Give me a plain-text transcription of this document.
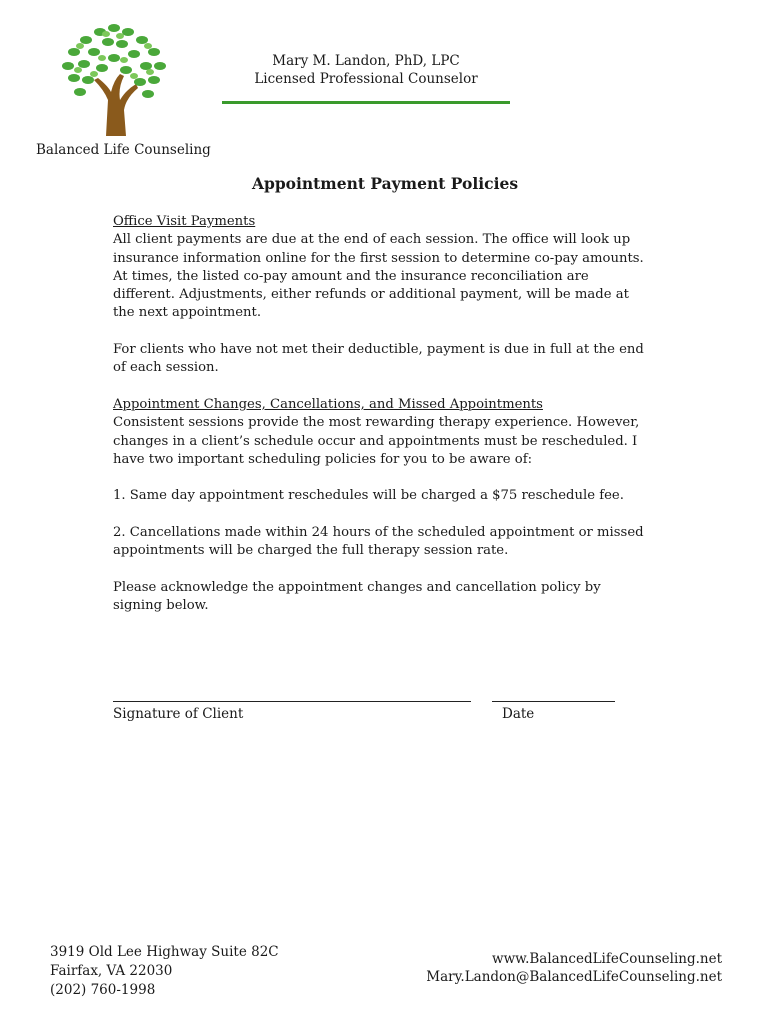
Balanced Life Counseling
Mary M. Landon, PhD, LPC
Licensed Professional Counselor
Appointment Payment Policies

Office Visit Payments

All client payments are due at the end of each session. The office will look up insurance information online for the first session to determine co-pay amounts. At times, the listed co-pay amount and the insurance reconciliation are different. Adjustments, either refunds or additional payment, will be made at the next appointment.

For clients who have not met their deductible, payment is due in full at the end of each session.

Appointment Changes, Cancellations, and Missed Appointments

Consistent sessions provide the most rewarding therapy experience. However, changes in a client’s schedule occur and appointments must be rescheduled. I have two important scheduling policies for you to be aware of:

1. Same day appointment reschedules will be charged a $75 reschedule fee.

2. Cancellations made within 24 hours of the scheduled appointment or missed appointments will be charged the full therapy session rate.

Please acknowledge the appointment changes and cancellation policy by signing below.

Signature of Client	Date
3919 Old Lee Highway Suite 82C
Fairfax, VA 22030
(202) 760-1998
www.BalancedLifeCounseling.net
Mary.Landon@BalancedLifeCounseling.net
